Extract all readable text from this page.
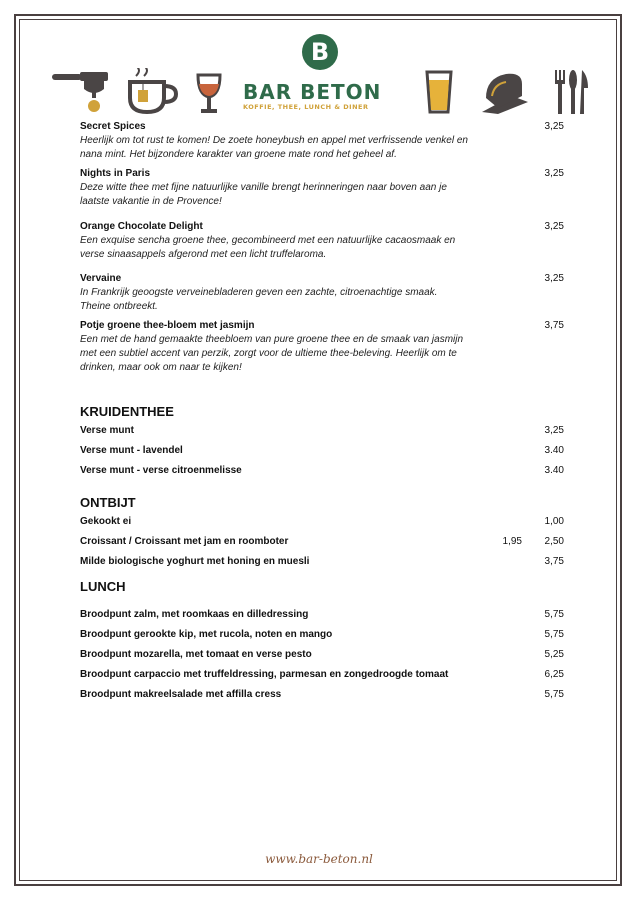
B
BAR BETON
KOFFIE, THEE, LUNCH & DINER
Secret Spices
Heerlijk om tot rust te komen! De zoete honeybush en appel met verfrissende venkel en nana mint. Het bijzondere karakter van groene mate rond het geheel af.
3,25
Nights in Paris
Deze witte thee met fijne natuurlijke vanille brengt herinneringen naar boven aan je laatste vakantie in de Provence!
3,25
Orange Chocolate Delight
Een exquise sencha groene thee, gecombineerd met een natuurlijke cacaosmaak en verse sinaasappels afgerond met een licht truffelaroma.
3,25
Vervaine
In Frankrijk geoogste verveinebladeren geven een zachte, citroenachtige smaak. Theine ontbreekt.
3,25
Potje groene thee-bloem met jasmijn
Een met de hand gemaakte theebloem van pure groene thee en de smaak van jasmijn met een subtiel accent van perzik, zorgt voor de ultieme thee-beleving. Heerlijk om te drinken, maar ook om naar te kijken!
3,75
KRUIDENTHEE
Verse munt	3,25
Verse munt - lavendel	3.40
Verse munt - verse citroenmelisse	3.40
ONTBIJT
Gekookt ei	1,00
Croissant / Croissant met jam en roomboter	1,95 2,50
Milde biologische yoghurt met honing en muesli	3,75
LUNCH
Broodpunt zalm, met roomkaas en dilledressing	5,75
Broodpunt gerookte kip, met rucola, noten en mango	5,75
Broodpunt mozarella, met tomaat en verse pesto	5,25
Broodpunt carpaccio met truffeldressing, parmesan en zongedroogde tomaat	6,25
Broodpunt makreelsalade met affilla cress	5,75
www.bar-beton.nl
